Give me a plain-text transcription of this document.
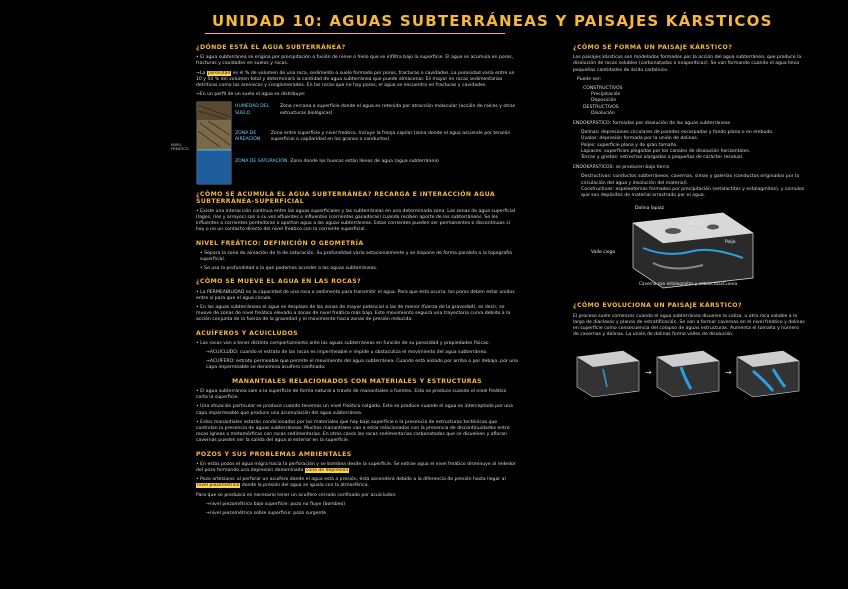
UNIDAD 10: AGUAS SUBTERRÁNEAS Y PAISAJES KÁRSTICOS
¿DÓNDE ESTÁ EL AGUA SUBTERRÁNEA?
• El agua subterránea se origina por precipitación o fusión de nieve o hielo que se infiltra bajo la superficie. El agua se acumula en poros, fracturas y cavidades en suelos y rocas.
→La porosidad es el % de volumen de una roca, sedimento o suelo formado por poros, fracturas o cavidades. La porosidad varía entre un 10 y 50 % del volumen total y determinará la cantidad de agua subterránea que puede almacenar. Es mayor en rocas sedimentarias detríticas como las areniscas y conglomerados. En las rocas que no hay poros, el agua se encuentra en fracturas y cavidades.
→En un perfil de un suelo el agua se distribuye:
HUMEDAD DEL SUELO
Zona cercana a superficie donde el agua es retenida por atracción molecular (acción de raíces y otras estructuras biológicas)
ZONA DE AIREACIÓN
Zona entre superficie y nivel freático. Incluye la franja capilar (zona donde el agua asciende por tensión superficial o capilaridad en los granos o conductos).
ZONA DE SATURACIÓN Zona donde los huecos están llenos de agua (agua subterránea)
¿CÓMO SE ACUMULA EL AGUA SUBTERRÁNEA? RECARGA E INTERACCIÓN AGUA SUBTERRÁNEA-SUPERFICIAL
• Existe una interacción continua entre las aguas superficiales y las subterráneas en una determinada zona. Las zonas de agua superficial (lagos, ríos y arroyos) son a su vez efluentes o influentes (corrientes ganadoras) cuando reciben aporte de los subterráneos. Se les influentes o corrientes perdedoras o aportan agua a las aguas subterráneas. Estas corrientes pueden ser permanentes o discontinuas si hay o no un contacto directo del nivel freático con la corriente superficial.
NIVEL FREÁTICO: DEFINICIÓN O GEOMETRÍA
• Separa la zona de aireación de la de saturación. Su profundidad varía estacionalmente y se dispone de forma paralela a la topografía superficial.
• Se usa la profundidad a la que podemos acceder a las aguas subterráneas.
¿CÓMO SE MUEVE EL AGUA EN LAS ROCAS?
• La PERMEABILIDAD es la capacidad de una roca o sedimento para transmitir el agua. Para que ésta ocurra, los poros deben estar unidos entre sí para que el agua circule.
• En las aguas subterráneas el agua se desplaza de las zonas de mayor potencial a las de menor (fuerza de la gravedad), es decir, se mueve de zonas de nivel freático elevado a zonas de nivel freático más bajo. Este movimiento seguirá una trayectoria curva debido a la acción conjunta de la fuerza de la gravedad y el movimiento hacia zonas de presión reducida.
ACUÍFEROS Y ACUICLUDOS
• Las rocas van a tener distinto comportamiento ante las aguas subterráneas en función de su porosidad y propiedades físicas:
→ACUICLUDO: cuando el estrato de las rocas es impermeable e impide u obstaculiza el movimiento del agua subterránea.
→ACUÍFERO: estrato permeable que permite el movimiento del agua subterránea. Cuando está aislado por arriba o por debajo, por una capa impermeable se denomina acuífero confinado.
MANANTIALES RELACIONADOS CON MATERIALES Y ESTRUCTURAS
• El agua subterránea sale a la superficie de forma natural a través de manantiales o fuentes. Esto se produce cuando el nivel freático corta la superficie.
• Una situación particular se produce cuando tenemos un nivel freático colgado. Este se produce cuando el agua es interceptada por una capa impermeable que produce una acumulación del agua subterránea.
• Estos manantiales estarán condicionados por los materiales que hay bajo superficie o la presencia de estructuras tectónicas que controlan la presencia de aguas subterráneas. Muchos manantiales van a estar relacionados con la presencia de discontinuidades entre rocas ígneas o metamórficas con rocas sedimentarias. En otros casos las rocas sedimentarias carbonatadas que se disuelven y afloran cavernas pueden ser la salida del agua al exterior en la superficie.
POZOS Y SUS PROBLEMAS AMBIENTALES
• En estos pozos el agua migra hacia la perforación y se bombea desde la superficie. Se extrae agua el nivel freático disminuye al rededor del pozo formando una depresión denominada cono de depresión
• Pozo artesiano: al perforar un acuífero donde el agua está a presión, ésta ascenderá debido a la diferencia de presión hasta llegar al nivel piezométrico donde la presión del agua se iguala con la atmosférica.
Para que se produzca es necesario tener un acuífero cerrado confinado por acuicludos:
→nivel piezométrico bajo superficie: pozo no fluye (bombeo)
→nivel piezométrico sobre superficie: pozo surgente
NIVEL FREÁTICO
¿CÓMO SE FORMA UN PAISAJE KÁRSTICO?
Los paisajes kársticos son modelados formados por la acción del agua subterránea, que produce la disolución de rocas solubles (carbonatadas o evaporíticas). Se van formando cuando el agua lleva pequeñas cantidades de ácido carbónico.
Puede ser:
CONSTRUCTIVOS
Precipitación
Deposición
DESTRUCTIVOS
Disolución
ENDOKÁRSTICO: formadas por disolución de las aguas subterráneas
Dolinas: depresiones circulares de paredes escarpadas y fondo plano o en embudo.
Uvalas: depresión formada por la unión de dolinas.
Poljes: superficie plana y de gran tamaño.
Lapiaces: superficies plegadas por los canales de disolución horizontales.
Torcas y grietas: estrechas alargadas a pequeñas de carácter residual.
ENDOKÁRSTICOS: se producen bajo tierra
Destructivas: conductos subterráneos, cavernas, simas y galerías (conductos originados por la circulación del agua y disolución del material).
Constructivas: espeleotemas formados por precipitación (estalactitas y estalagmitas), y cúmulos que son depósitos de material arrastrado por el agua.
Dolina lapiaz
Uvala
Polje
Valle ciego
Caverna con estalagmitas y estalactitas Cueva
¿CÓMO EVOLUCIONA UN PAISAJE KÁRSTICO?
El proceso suele comenzar cuando el agua subterránea disuelve la caliza, u otra roca soluble a lo largo de diaclasas y planos de estratificación. Se van a formar cavernas en el nivel freático y dolinas en superficie como consecuencia del colapso de aguas estructuras. Aumenta el tamaño y número de cavernas y dolinas. La unión de dolinas forma valles de disolución.
→	→
